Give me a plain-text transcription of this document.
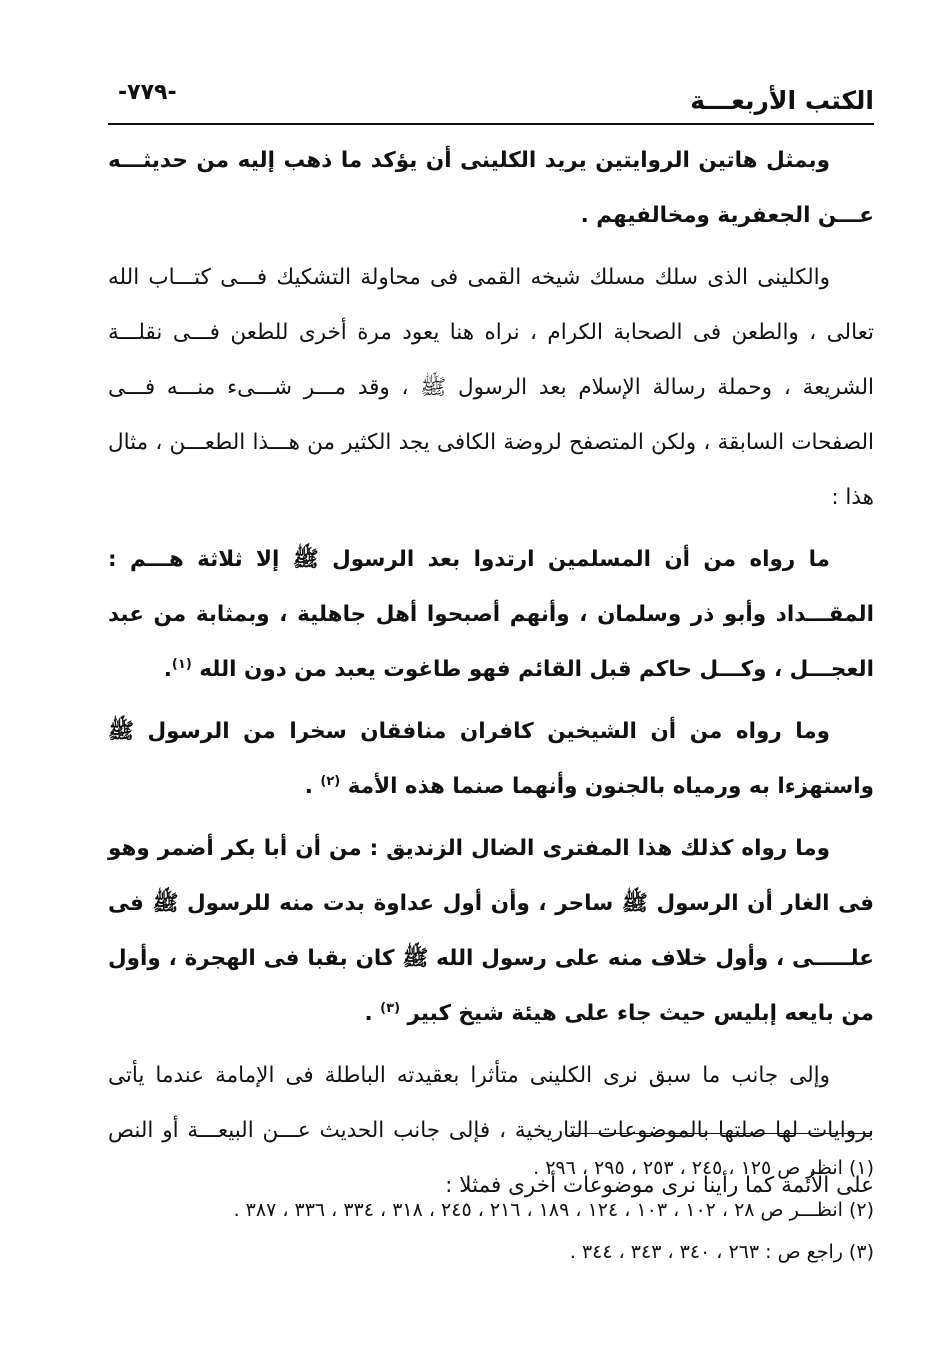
-٧٧٩-	الكتب الأربعـــة

وبمثل هاتين الروايتين يريد الكلينى أن يؤكد ما ذهب إليه من حديثـــه عـــن الجعفرية ومخالفيهم .

والكلينى الذى سلك مسلك شيخه القمى فى محاولة التشكيك فـــى كتـــاب الله تعالى ، والطعن فى الصحابة الكرام ، نراه هنا يعود مرة أخرى للطعن فـــى نقلـــة الشريعة ، وحملة رسالة الإسلام بعد الرسول ﷺ ، وقد مـــر شـــىء منـــه فـــى الصفحات السابقة ، ولكن المتصفح لروضة الكافى يجد الكثير من هـــذا الطعـــن ، مثال هذا :

ما رواه من أن المسلمين ارتدوا بعد الرسول ﷺ إلا ثلاثة هـــم : المقـــداد وأبو ذر وسلمان ، وأنهم أصبحوا أهل جاهلية ، وبمثابة من عبد العجـــل ، وكـــل حاكم قبل القائم فهو طاغوت يعبد من دون الله $^{(١)}$.

وما رواه من أن الشيخين كافران منافقان سخرا من الرسول ﷺ واستهزءا به ورمياه بالجنون وأنهما صنما هذه الأمة $^{(٢)}$ .

وما رواه كذلك هذا المفترى الضال الزنديق : من أن أبا بكر أضمر وهو فى الغار أن الرسول ﷺ ساحر ، وأن أول عداوة بدت منه للرسول ﷺ فى علـــــى ، وأول خلاف منه على رسول الله ﷺ كان بقبا فى الهجرة ، وأول من بايعه إبليس حيث جاء على هيئة شيخ كبير $^{(٣)}$ .

وإلى جانب ما سبق نرى الكلينى متأثرا بعقيدته الباطلة فى الإمامة عندما يأتى بروايات لها صلتها بالموضوعات التاريخية ، فإلى جانب الحديث عـــن البيعـــة أو النص على الأئمة كما رأينا نرى موضوعات أخرى فمثلا :

(١) انظر ص ١٢٥ ، ٢٤٥ ، ٢٥٣ ، ٢٩٥ ، ٢٩٦ .

(٢) انظـــر ص ٢٨ ، ١٠٢ ، ١٠٣ ، ١٢٤ ، ١٨٩ ، ٢١٦ ، ٢٤٥ ، ٣١٨ ، ٣٣٤ ، ٣٣٦ ، ٣٨٧ .

(٣) راجع ص : ٢٦٣ ، ٣٤٠ ، ٣٤٣ ، ٣٤٤ .
